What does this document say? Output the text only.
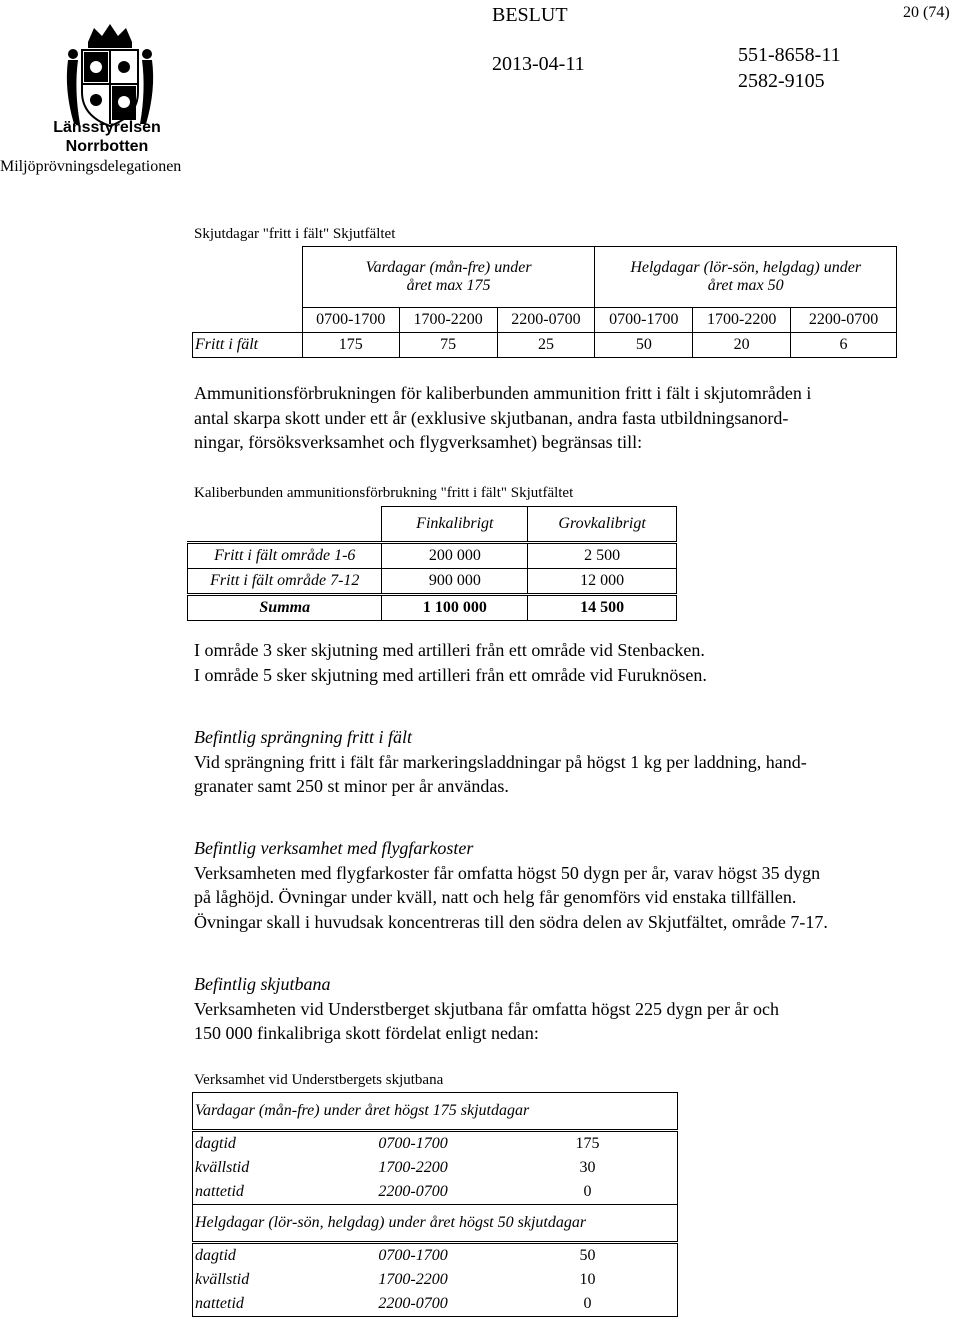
Länsstyrelsen
Norrbotten
Miljöprövningsdelegationen
BESLUT	20 (74)
2013-04-11	551-8658-11
2582-9105
Skjutdagar "fritt i fält" Skjutfältet
	Vardagar (mån-fre) under			Helgdagar (lör-sön, helgdag) under		
	året max 175			året max 50		
	0700-1700	1700-2200	2200-0700	0700-1700	1700-2200	2200-0700
Fritt i fält	175	75	25	50	20	6
Ammunitionsförbrukningen för kaliberbunden ammunition fritt i fält i skjutområden i
antal skarpa skott under ett år (exklusive skjutbanan, andra fasta utbildningsanord-
ningar, försöksverksamhet och flygverksamhet) begränsas till:
Kaliberbunden ammunitionsförbrukning "fritt i fält" Skjutfältet
	Finkalibrigt	Grovkalibrigt
Fritt i fält område 1-6	200 000	2 500
Fritt i fält område 7-12	900 000	12 000
Summa	1 100 000	14 500
I område 3 sker skjutning med artilleri från ett område vid Stenbacken.
I område 5 sker skjutning med artilleri från ett område vid Furuknösen.
Befintlig sprängning fritt i fält
Vid sprängning fritt i fält får markeringsladdningar på högst 1 kg per laddning, hand-
granater samt 250 st minor per år användas.
Befintlig verksamhet med flygfarkoster
Verksamheten med flygfarkoster får omfatta högst 50 dygn per år, varav högst 35 dygn
på låghöjd. Övningar under kväll, natt och helg får genomförs vid enstaka tillfällen.
Övningar skall i huvudsak koncentreras till den södra delen av Skjutfältet, område 7-17.
Befintlig skjutbana
Verksamheten vid Understberget skjutbana får omfatta högst 225 dygn per år och
150 000 finkalibriga skott fördelat enligt nedan:
Verksamhet vid Understbergets skjutbana
Vardagar (mån-fre) under året högst 175 skjutdagar		
dagtid	0700-1700	175
kvällstid	1700-2200	30
nattetid	2200-0700	0
Helgdagar (lör-sön, helgdag) under året högst 50 skjutdagar		
dagtid	0700-1700	50
kvällstid	1700-2200	10
nattetid	2200-0700	0
